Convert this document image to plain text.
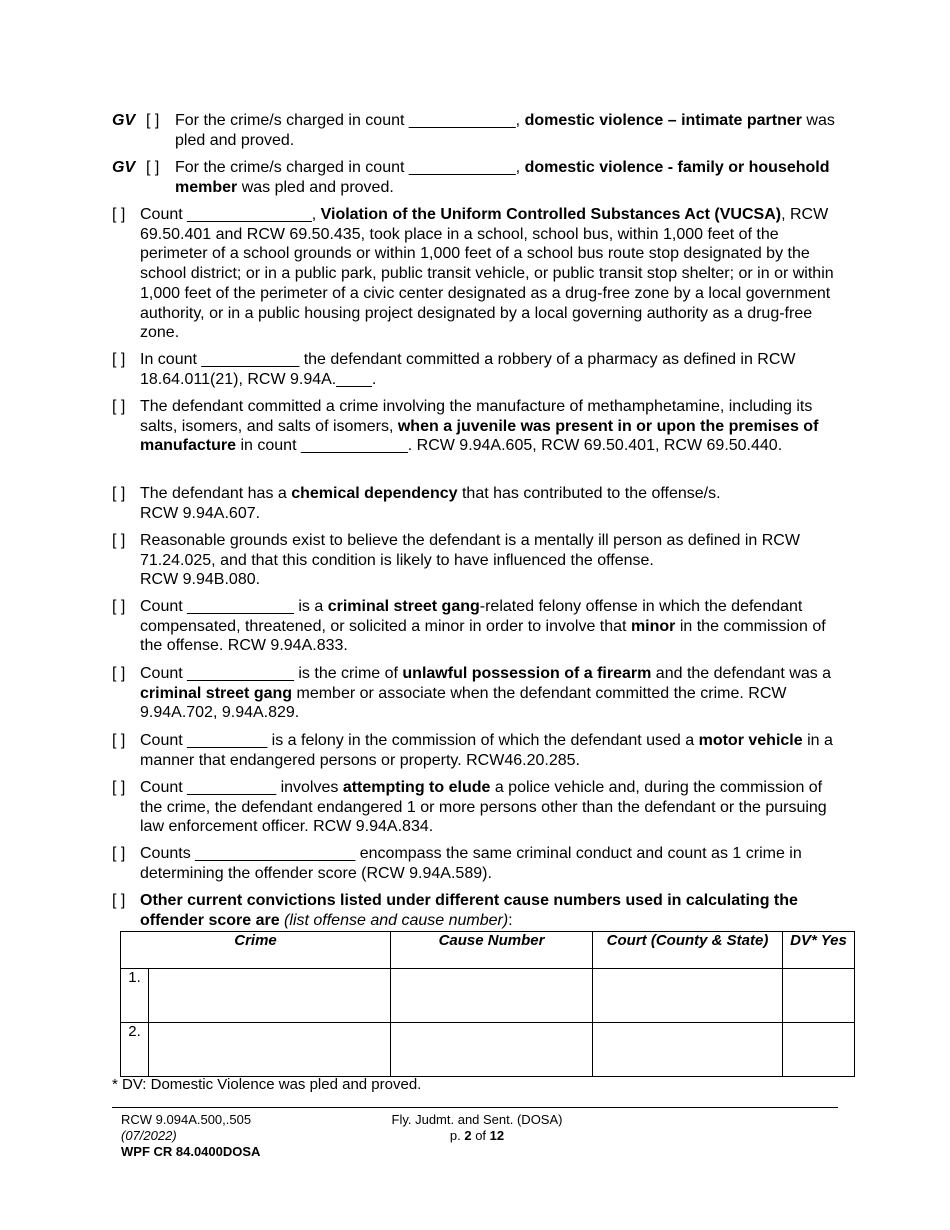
GV [ ] For the crime/s charged in count ____________, domestic violence – intimate partner was pled and proved.
GV [ ] For the crime/s charged in count ____________, domestic violence - family or household member was pled and proved.
[ ] Count ______________, Violation of the Uniform Controlled Substances Act (VUCSA), RCW 69.50.401 and RCW 69.50.435, took place in a school, school bus, within 1,000 feet of the perimeter of a school grounds or within 1,000 feet of a school bus route stop designated by the school district; or in a public park, public transit vehicle, or public transit stop shelter; or in or within 1,000 feet of the perimeter of a civic center designated as a drug-free zone by a local government authority, or in a public housing project designated by a local governing authority as a drug-free zone.
[ ] In count ___________ the defendant committed a robbery of a pharmacy as defined in RCW 18.64.011(21), RCW 9.94A.____.
[ ] The defendant committed a crime involving the manufacture of methamphetamine, including its salts, isomers, and salts of isomers, when a juvenile was present in or upon the premises of manufacture in count ____________. RCW 9.94A.605, RCW 69.50.401, RCW 69.50.440.
[ ] The defendant has a chemical dependency that has contributed to the offense/s.
RCW 9.94A.607.
[ ] Reasonable grounds exist to believe the defendant is a mentally ill person as defined in RCW 71.24.025, and that this condition is likely to have influenced the offense.
RCW 9.94B.080.
[ ] Count ____________ is a criminal street gang-related felony offense in which the defendant compensated, threatened, or solicited a minor in order to involve that minor in the commission of the offense. RCW 9.94A.833.
[ ] Count ____________ is the crime of unlawful possession of a firearm and the defendant was a criminal street gang member or associate when the defendant committed the crime. RCW 9.94A.702, 9.94A.829.
[ ] Count _________ is a felony in the commission of which the defendant used a motor vehicle in a manner that endangered persons or property. RCW46.20.285.
[ ] Count __________ involves attempting to elude a police vehicle and, during the commission of the crime, the defendant endangered 1 or more persons other than the defendant or the pursuing law enforcement officer. RCW 9.94A.834.
[ ] Counts __________________ encompass the same criminal conduct and count as 1 crime in determining the offender score (RCW 9.94A.589).
[ ] Other current convictions listed under different cause numbers used in calculating the offender score are (list offense and cause number):
Crime		Cause Number	Court (County & State)	DV* Yes
1.				
2.				
* DV: Domestic Violence was pled and proved.
RCW 9.094A.500,.505
(07/2022)
WPF CR 84.0400DOSA
Fly. Judmt. and Sent. (DOSA)
p. 2 of 12
